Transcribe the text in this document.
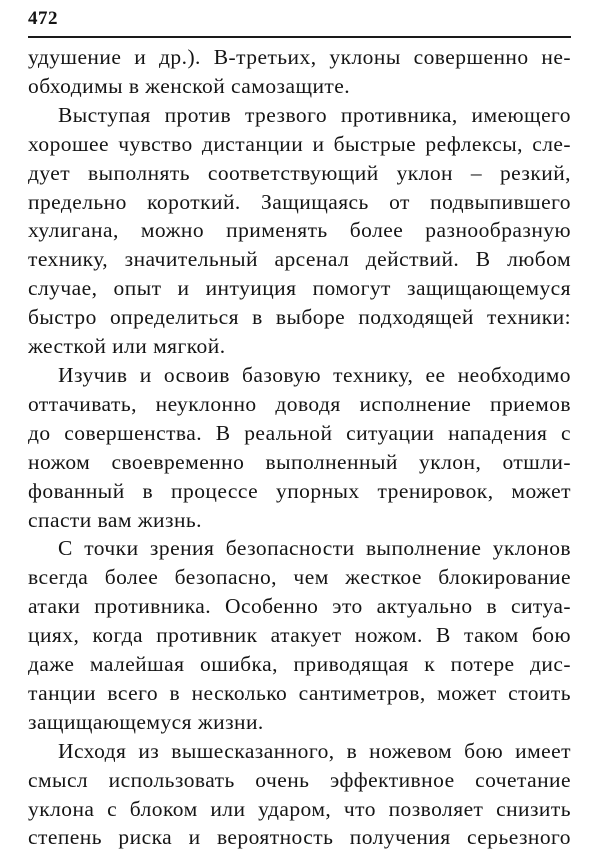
472

удушение и др.). В-третьих, уклоны совершенно не-
обходимы в женской самозащите.

Выступая против трезвого противника, имеющего
хорошее чувство дистанции и быстрые рефлексы, сле-
дует выполнять соответствующий уклон – резкий,
предельно короткий. Защищаясь от подвыпившего
хулигана, можно применять более разнообразную
технику, значительный арсенал действий. В любом
случае, опыт и интуиция помогут защищающемуся
быстро определиться в выборе подходящей техники:
жесткой или мягкой.

Изучив и освоив базовую технику, ее необходимо
оттачивать, неуклонно доводя исполнение приемов
до совершенства. В реальной ситуации нападения с
ножом своевременно выполненный уклон, отшли-
фованный в процессе упорных тренировок, может
спасти вам жизнь.

С точки зрения безопасности выполнение уклонов
всегда более безопасно, чем жесткое блокирование
атаки противника. Особенно это актуально в ситуа-
циях, когда противник атакует ножом. В таком бою
даже малейшая ошибка, приводящая к потере дис-
танции всего в несколько сантиметров, может стоить
защищающемуся жизни.

Исходя из вышесказанного, в ножевом бою имеет
смысл использовать очень эффективное сочетание
уклона с блоком или ударом, что позволяет снизить
степень риска и вероятность получения серьезного
